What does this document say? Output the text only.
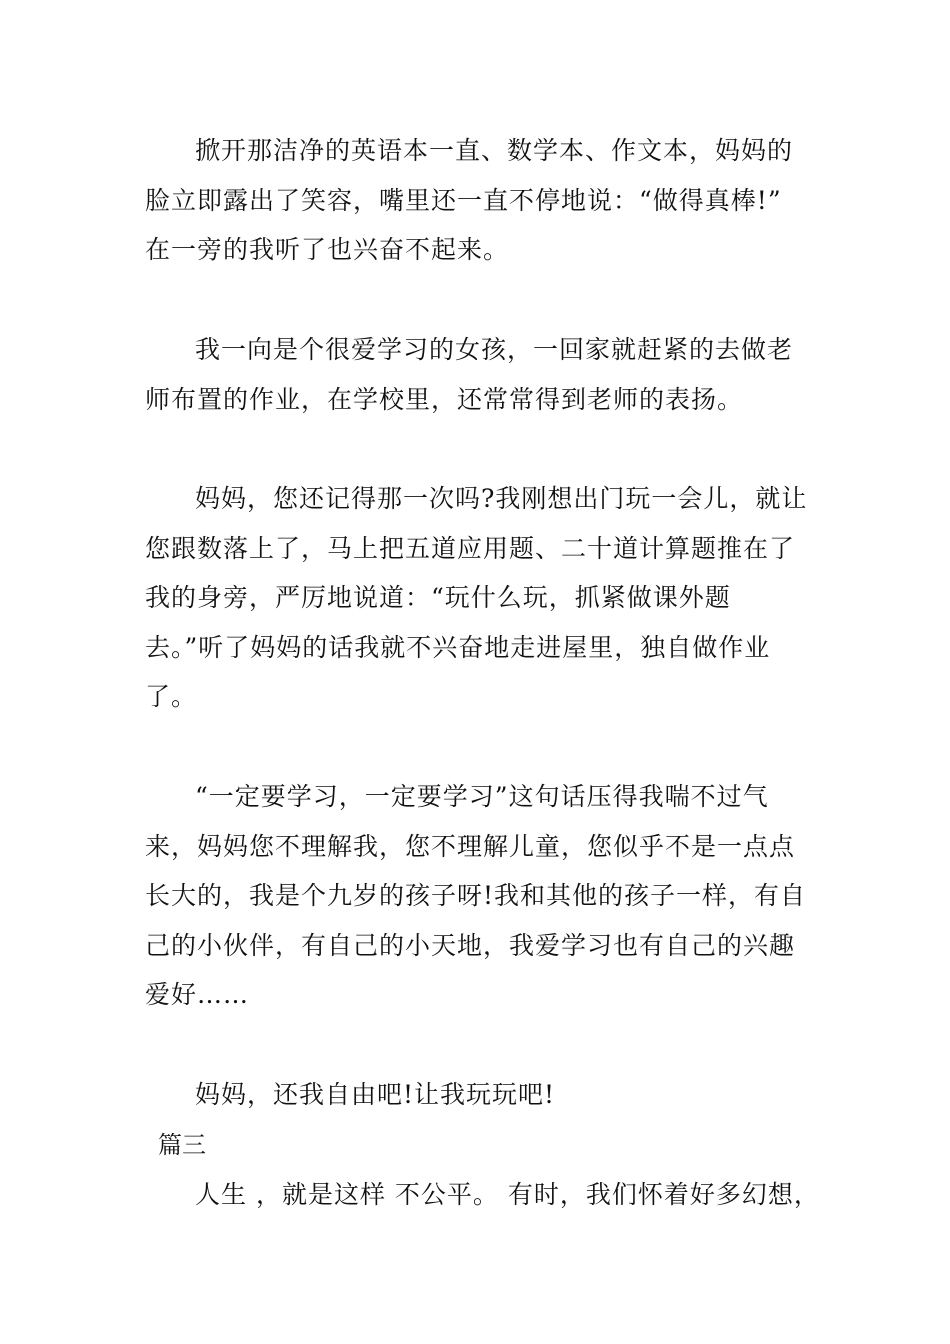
掀开那洁净的英语本一直、数学本、作文本，妈妈的
脸立即露出了笑容，嘴里还一直不停地说：“做得真棒!”
在一旁的我听了也兴奋不起来。
我一向是个很爱学习的女孩，一回家就赶紧的去做老
师布置的作业，在学校里，还常常得到老师的表扬。
妈妈，您还记得那一次吗?我刚想出门玩一会儿，就让
您跟数落上了，马上把五道应用题、二十道计算题推在了
我的身旁，严厉地说道：“玩什么玩，抓紧做课外题
去。”听了妈妈的话我就不兴奋地走进屋里，独自做作业
了。
“一定要学习，一定要学习”这句话压得我喘不过气
来，妈妈您不理解我，您不理解儿童，您似乎不是一点点
长大的，我是个九岁的孩子呀!我和其他的孩子一样，有自
己的小伙伴，有自己的小天地，我爱学习也有自己的兴趣
爱好……
妈妈，还我自由吧!让我玩玩吧!
篇三
人生 ，就是这样 不公平。 有时，我们怀着好多幻想，
